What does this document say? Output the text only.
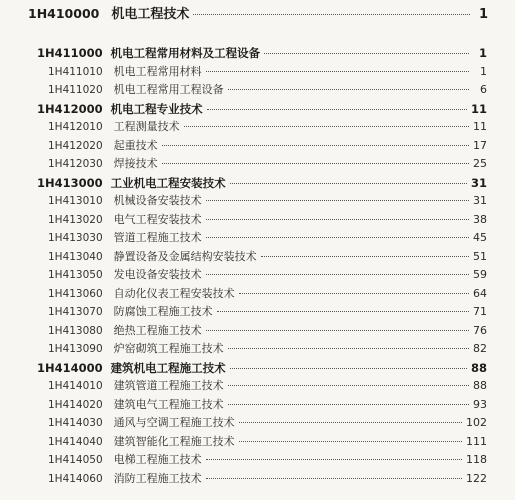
1H410000 机电工程技术	1
1H411000 机电工程常用材料及工程设备	1
1H411010 机电工程常用材料	1
1H411020 机电工程常用工程设备	6
1H412000 机电工程专业技术	11
1H412010 工程测量技术	11
1H412020 起重技术	17
1H412030 焊接技术	25
1H413000 工业机电工程安装技术	31
1H413010 机械设备安装技术	31
1H413020 电气工程安装技术	38
1H413030 管道工程施工技术	45
1H413040 静置设备及金属结构安装技术	51
1H413050 发电设备安装技术	59
1H413060 自动化仪表工程安装技术	64
1H413070 防腐蚀工程施工技术	71
1H413080 绝热工程施工技术	76
1H413090 炉窑砌筑工程施工技术	82
1H414000 建筑机电工程施工技术	88
1H414010 建筑管道工程施工技术	88
1H414020 建筑电气工程施工技术	93
1H414030 通风与空调工程施工技术	102
1H414040 建筑智能化工程施工技术	111
1H414050 电梯工程施工技术	118
1H414060 消防工程施工技术	122
